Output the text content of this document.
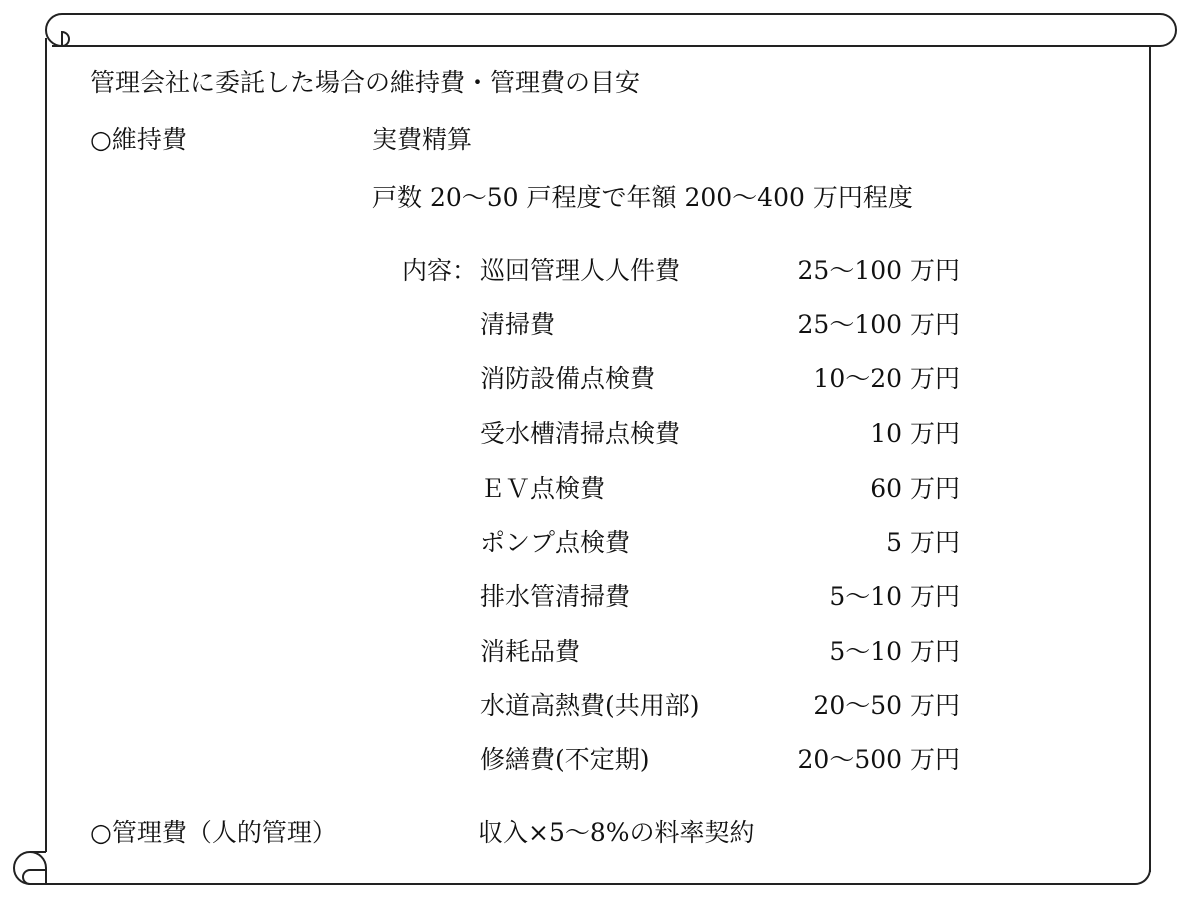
管理会社に委託した場合の維持費・管理費の目安
○維持費	実費精算
戸数 20～50 戸程度で年額 200～400 万円程度
内容： 巡回管理人人件費	25～100 万円
清掃費	25～100 万円
消防設備点検費	10～20 万円
受水槽清掃点検費	10 万円
ＥＶ点検費	60 万円
ポンプ点検費	5 万円
排水管清掃費	5～10 万円
消耗品費	5～10 万円
水道高熱費(共用部)	20～50 万円
修繕費(不定期)	20～500 万円
○管理費（人的管理）	収入×5～8%の料率契約
